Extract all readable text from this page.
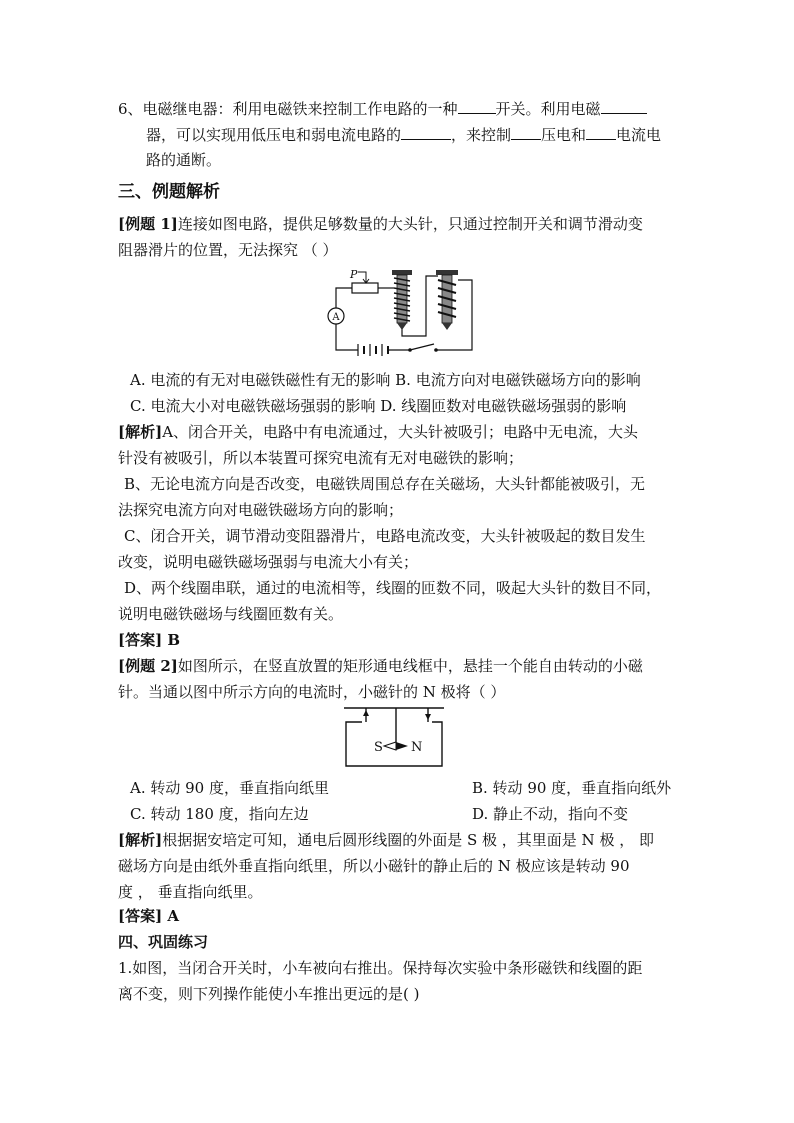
6、电磁继电器：利用电磁铁来控制工作电路的一种	开关。利用电磁
器，可以实现用低压电和弱电流电路的	，来控制 压电和 电流电
路的通断。
三、例题解析
[例题 1]连接如图电路，提供足够数量的大头针，只通过控制开关和调节滑动变
阻器滑片的位置，无法探究 （ ）
A
P
A. 电流的有无对电磁铁磁性有无的影响 B. 电流方向对电磁铁磁场方向的影响
C. 电流大小对电磁铁磁场强弱的影响 D. 线圈匝数对电磁铁磁场强弱的影响
[解析]A、闭合开关，电路中有电流通过，大头针被吸引；电路中无电流，大头
针没有被吸引，所以本装置可探究电流有无对电磁铁的影响；
B、无论电流方向是否改变，电磁铁周围总存在关磁场，大头针都能被吸引，无
法探究电流方向对电磁铁磁场方向的影响；
C、闭合开关，调节滑动变阻器滑片，电路电流改变，大头针被吸起的数目发生
改变，说明电磁铁磁场强弱与电流大小有关；
D、两个线圈串联，通过的电流相等，线圈的匝数不同，吸起大头针的数目不同，
说明电磁铁磁场与线圈匝数有关。
[答案] B
[例题 2]如图所示，在竖直放置的矩形通电线框中，悬挂一个能自由转动的小磁
针。当通以图中所示方向的电流时，小磁针的 N 极将（ ）
S N
A. 转动 90 度，垂直指向纸里	B. 转动 90 度，垂直指向纸外
C. 转动 180 度，指向左边	D. 静止不动，指向不变
[解析]根据据安培定可知，通电后圆形线圈的外面是 S 极 ，其里面是 N 极 ， 即
磁场方向是由纸外垂直指向纸里，所以小磁针的静止后的 N 极应该是转动 90
度 ， 垂直指向纸里。
[答案] A
四、巩固练习
1.如图，当闭合开关时，小车被向右推出。保持每次实验中条形磁铁和线圈的距
离不变，则下列操作能使小车推出更远的是( )
